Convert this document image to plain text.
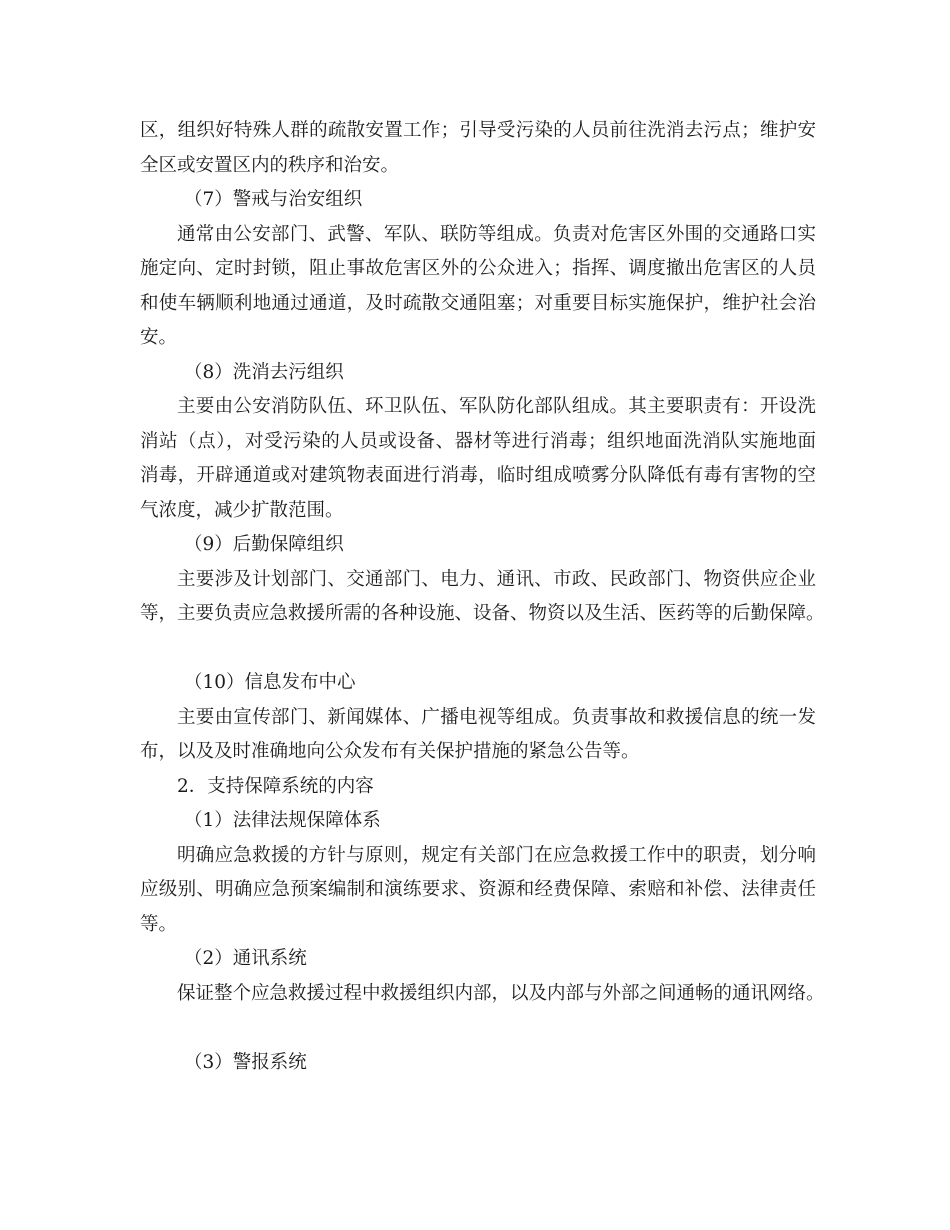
区，组织好特殊人群的疏散安置工作；引导受污染的人员前往洗消去污点；维护安
全区或安置区内的秩序和治安。
（7）警戒与治安组织
通常由公安部门、武警、军队、联防等组成。负责对危害区外围的交通路口实
施定向、定时封锁，阻止事故危害区外的公众进入；指挥、调度撤出危害区的人员
和使车辆顺利地通过通道，及时疏散交通阻塞；对重要目标实施保护，维护社会治
安。
（8）洗消去污组织
主要由公安消防队伍、环卫队伍、军队防化部队组成。其主要职责有：开设洗
消站（点），对受污染的人员或设备、器材等进行消毒；组织地面洗消队实施地面
消毒，开辟通道或对建筑物表面进行消毒，临时组成喷雾分队降低有毒有害物的空
气浓度，减少扩散范围。
（9）后勤保障组织
主要涉及计划部门、交通部门、电力、通讯、市政、民政部门、物资供应企业
等，主要负责应急救援所需的各种设施、设备、物资以及生活、医药等的后勤保障。
（10）信息发布中心
主要由宣传部门、新闻媒体、广播电视等组成。负责事故和救援信息的统一发
布，以及及时准确地向公众发布有关保护措施的紧急公告等。
2．支持保障系统的内容
（1）法律法规保障体系
明确应急救援的方针与原则，规定有关部门在应急救援工作中的职责，划分响
应级别、明确应急预案编制和演练要求、资源和经费保障、索赔和补偿、法律责任
等。
（2）通讯系统
保证整个应急救援过程中救援组织内部，以及内部与外部之间通畅的通讯网络。
（3）警报系统
